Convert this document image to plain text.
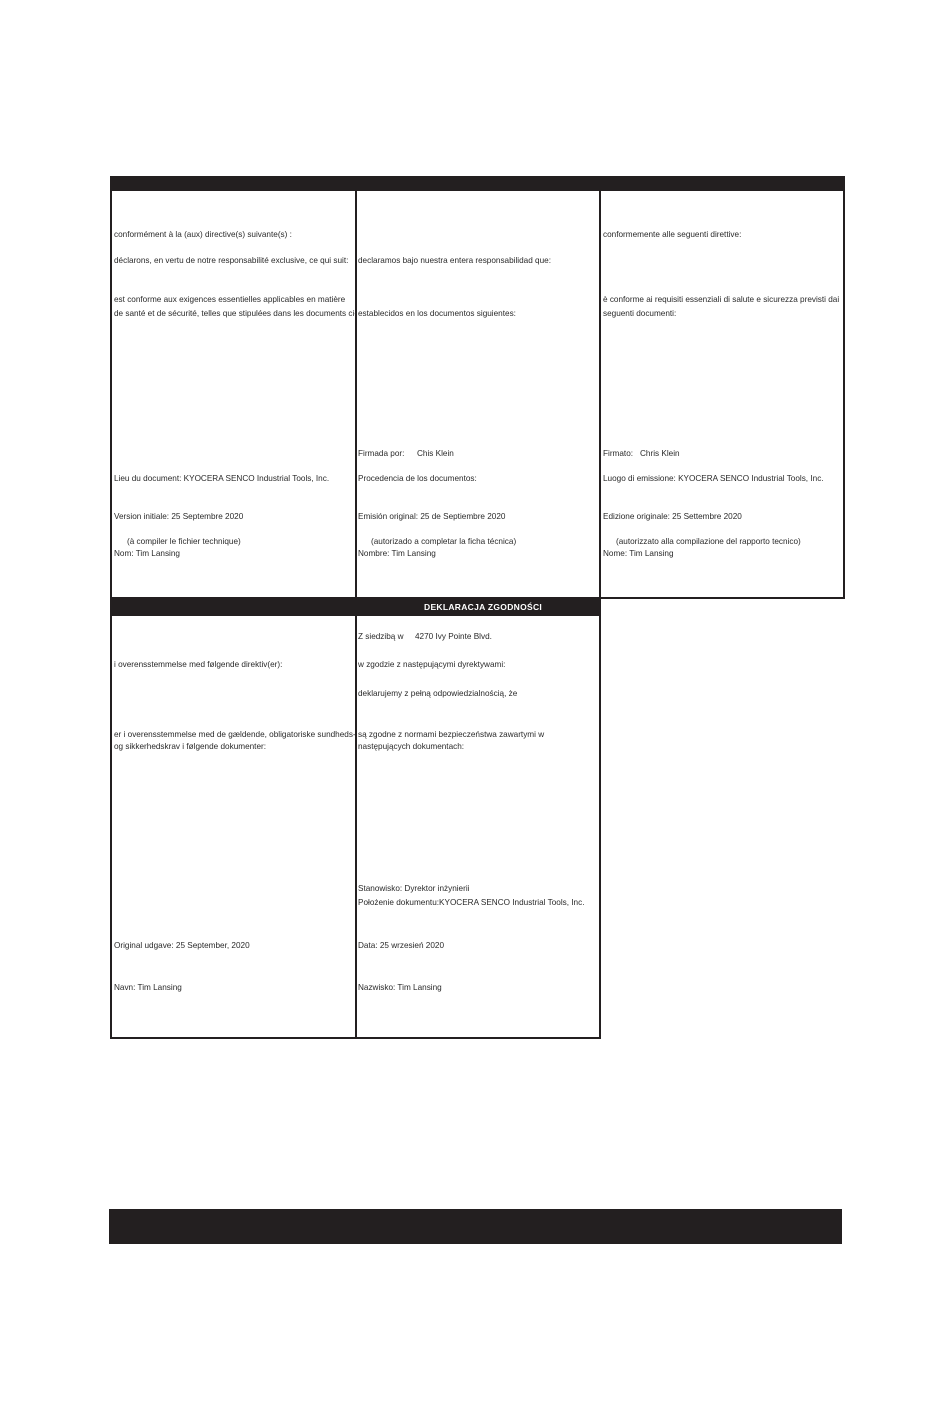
conformément à la (aux) directive(s) suivante(s) :
déclarons, en vertu de notre responsabilité exclusive, ce qui suit:
est conforme aux exigences essentielles applicables en matière
de santé et de sécurité, telles que stipulées dans les documents ci-
Lieu du document: KYOCERA SENCO Industrial Tools, Inc.
Version initiale: 25 Septembre 2020
(à compiler le fichier technique)
Nom: Tim Lansing
declaramos bajo nuestra entera responsabilidad que:
establecidos en los documentos siguientes:
Firmada por: Chis Klein
Procedencia de los documentos:
Emisión original: 25 de Septiembre 2020
(autorizado a completar la ficha técnica)
Nombre: Tim Lansing
conformemente alle seguenti direttive:
è conforme ai requisiti essenziali di salute e sicurezza previsti dai
seguenti documenti:
Firmato: Chris Klein
Luogo di emissione: KYOCERA SENCO Industrial Tools, Inc.
Edizione originale: 25 Settembre 2020
(autorizzato alla compilazione del rapporto tecnico)
Nome: Tim Lansing
DEKLARACJA ZGODNOŚCI
i overensstemmelse med følgende direktiv(er):
er i overensstemmelse med de gældende, obligatoriske sundheds-
og sikkerhedskrav i følgende dokumenter:
Original udgave: 25 September, 2020
Navn: Tim Lansing
Z siedzibą w 4270 Ivy Pointe Blvd.
w zgodzie z następującymi dyrektywami:
deklarujemy z pełną odpowiedzialnością, że
są zgodne z normami bezpieczeństwa zawartymi w
następujących dokumentach:
Stanowisko: Dyrektor inżynierii
Położenie dokumentu:KYOCERA SENCO Industrial Tools, Inc.
Data: 25 wrzesień 2020
Nazwisko: Tim Lansing
